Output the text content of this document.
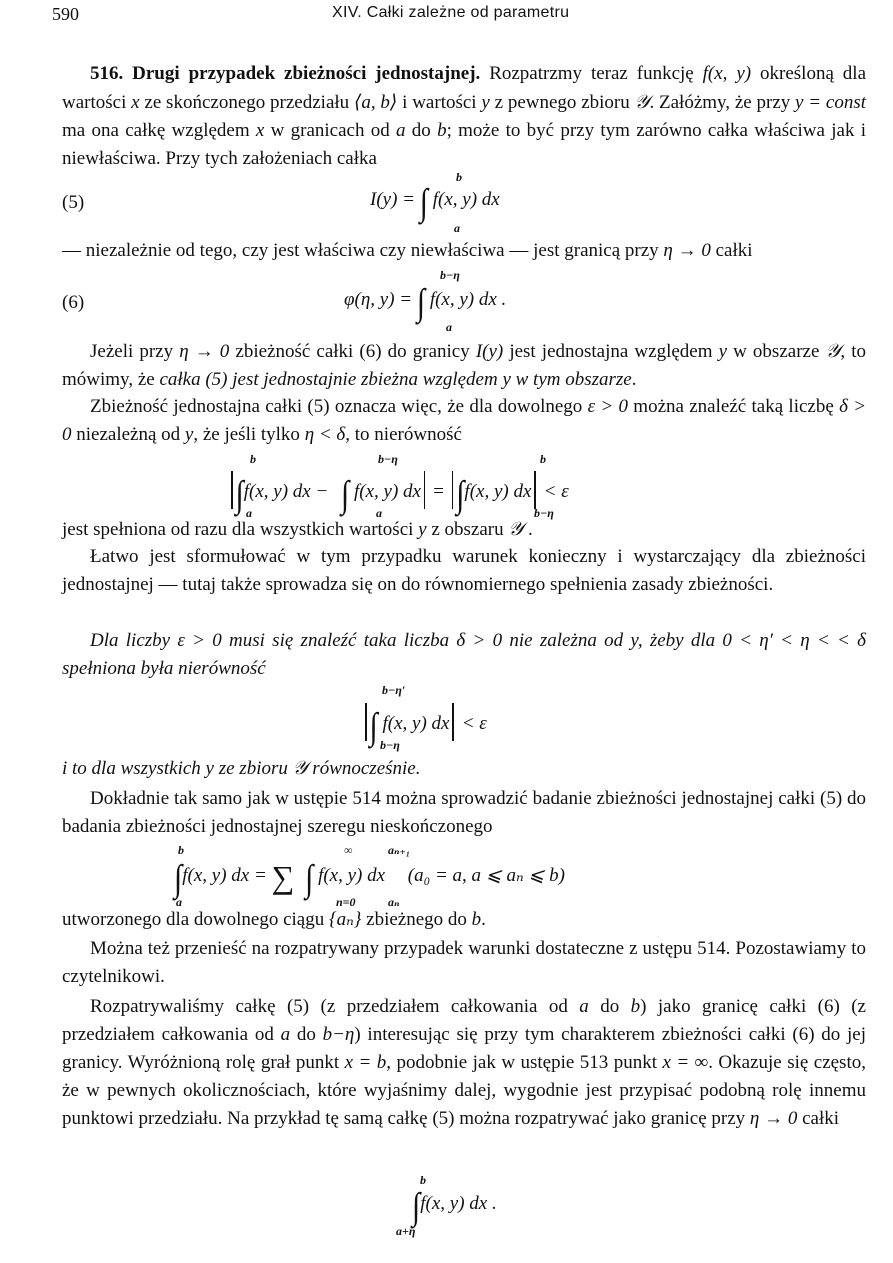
590	XIV. Całki zależne od parametru
516. Drugi przypadek zbieżności jednostajnej. Rozpatrzmy teraz funkcję f(x, y) określoną dla wartości x ze skończonego przedziału ⟨a, b⟩ i wartości y z pewnego zbioru 𝒴. Załóżmy, że przy y = const ma ona całkę względem x w granicach od a do b; może to być przy tym zarówno całka właściwa jak i niewłaściwa. Przy tych założeniach całka
(5)	I(y) = ∫ f(x, y) dx
b
a
— niezależnie od tego, czy jest właściwa czy niewłaściwa — jest granicą przy η → 0 całki
(6)	φ(η, y) = ∫ f(x, y) dx .
b−η
a
Jeżeli przy η → 0 zbieżność całki (6) do granicy I(y) jest jednostajna względem y w obszarze 𝒴, to mówimy, że całka (5) jest jednostajnie zbieżna względem y w tym obszarze.
Zbieżność jednostajna całki (5) oznacza więc, że dla dowolnego ε > 0 można znaleźć taką liczbę δ > 0 niezależną od y, że jeśli tylko η < δ, to nierówność
∫f(x, y) dx − ∫ f(x, y) dx = ∫f(x, y) dx < ε
b
a
b−η
a
b
b−η
jest spełniona od razu dla wszystkich wartości y z obszaru 𝒴 .
Łatwo jest sformułować w tym przypadku warunek konieczny i wystarczający dla zbieżności jednostajnej — tutaj także sprowadza się on do równomiernego spełnienia zasady zbieżności.
Dla liczby ε > 0 musi się znaleźć taka liczba δ > 0 nie zależna od y, żeby dla 0 < η′ < η < < δ spełniona była nierówność
∫ f(x, y) dx < ε
b−η′
b−η
i to dla wszystkich y ze zbioru 𝒴 równocześnie.
Dokładnie tak samo jak w ustępie 514 można sprowadzić badanie zbieżności jednostajnej całki (5) do badania zbieżności jednostajnej szeregu nieskończonego
∫f(x, y) dx = ∑ ∫ f(x, y) dx (a₀ = a, a ⩽ aₙ ⩽ b)
b
a
∞
n=0
aₙ₊₁
aₙ
utworzonego dla dowolnego ciągu {aₙ} zbieżnego do b.
Można też przenieść na rozpatrywany przypadek warunki dostateczne z ustępu 514. Pozostawiamy to czytelnikowi.
Rozpatrywaliśmy całkę (5) (z przedziałem całkowania od a do b) jako granicę całki (6) (z przedziałem całkowania od a do b−η) interesując się przy tym charakterem zbieżności całki (6) do jej granicy. Wyróżnioną rolę grał punkt x = b, podobnie jak w ustępie 513 punkt x = ∞. Okazuje się często, że w pewnych okolicznościach, które wyjaśnimy dalej, wygodnie jest przypisać podobną rolę innemu punktowi przedziału. Na przykład tę samą całkę (5) można rozpatrywać jako granicę przy η → 0 całki
∫f(x, y) dx .
b
a+η
